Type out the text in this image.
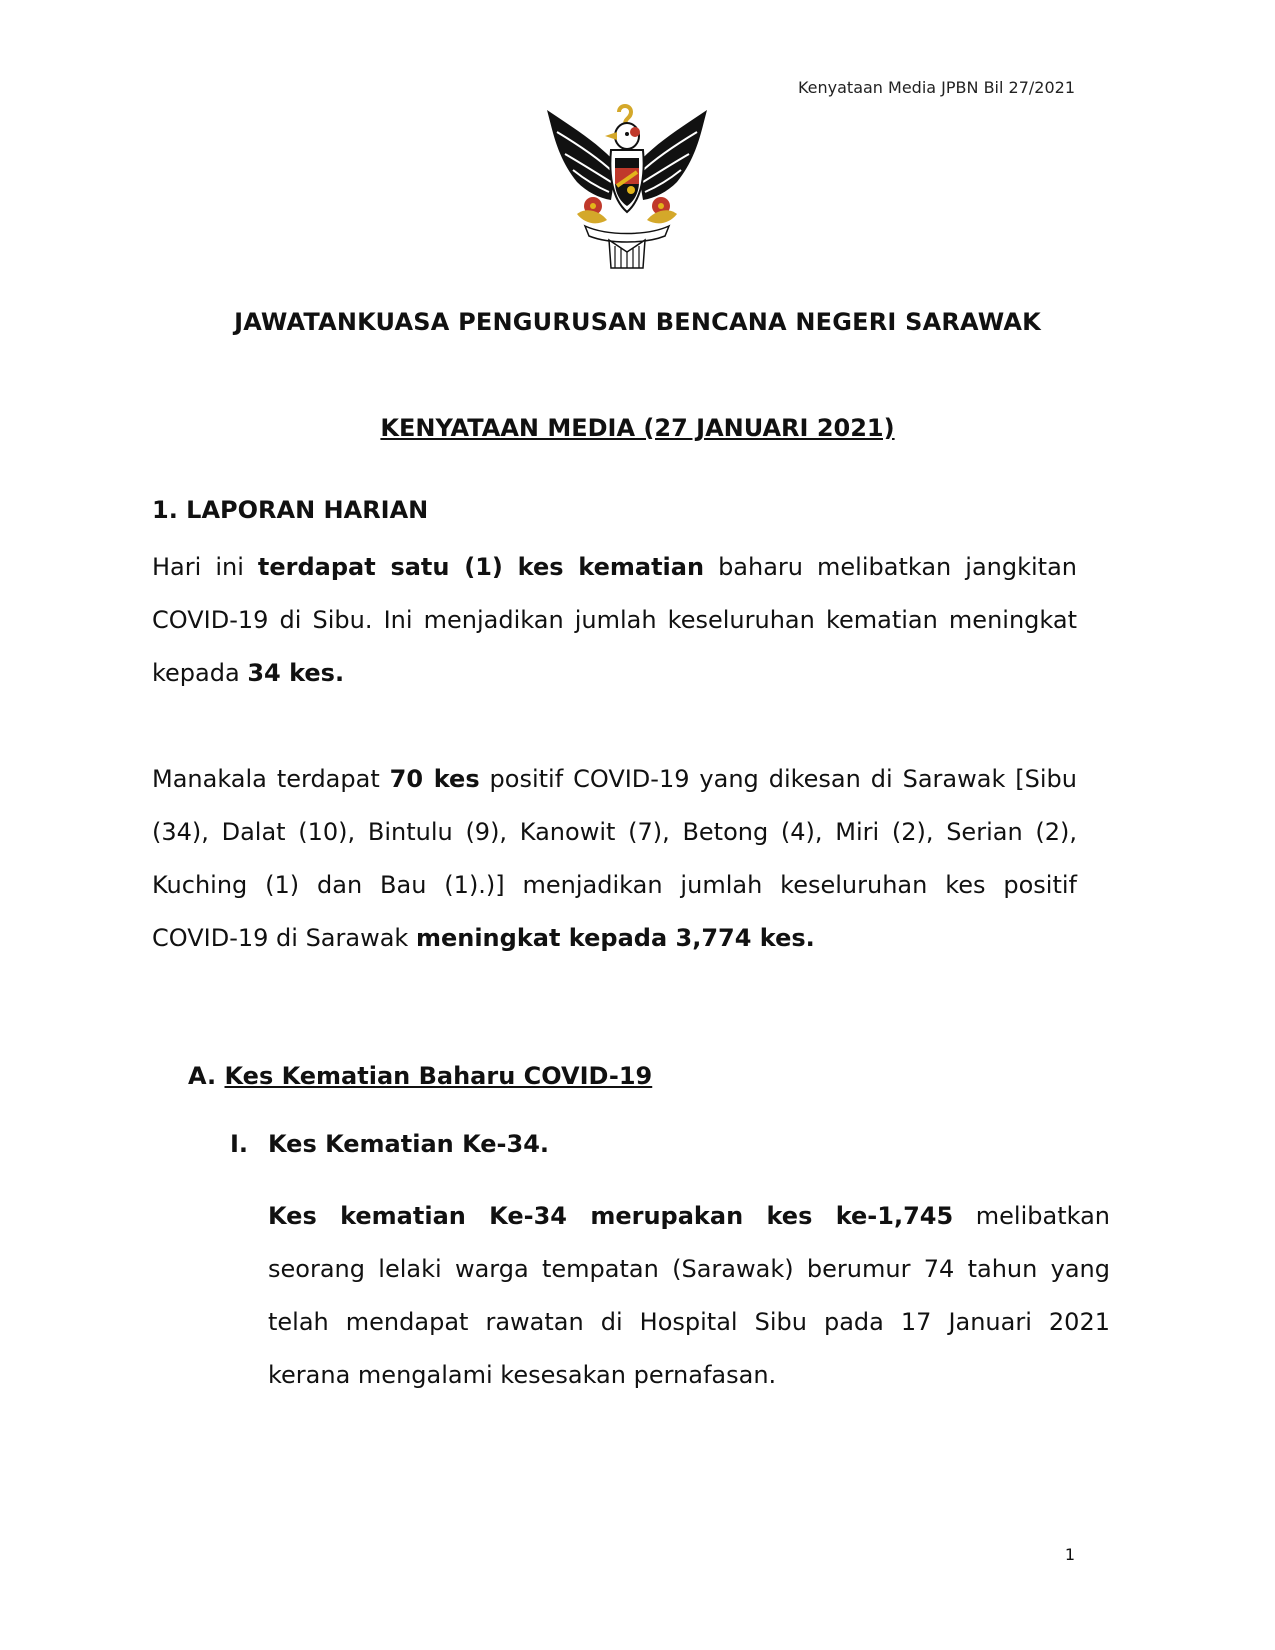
Kenyataan Media JPBN Bil 27/2021
JAWATANKUASA PENGURUSAN BENCANA NEGERI SARAWAK
KENYATAAN MEDIA (27 JANUARI 2021)
1. LAPORAN HARIAN
Hari ini terdapat satu (1) kes kematian baharu melibatkan jangkitan COVID-19 di Sibu. Ini menjadikan jumlah keseluruhan kematian meningkat kepada 34 kes.
Manakala terdapat 70 kes positif COVID-19 yang dikesan di Sarawak [Sibu (34), Dalat (10), Bintulu (9), Kanowit (7), Betong (4), Miri (2), Serian (2), Kuching (1) dan Bau (1).)] menjadikan jumlah keseluruhan kes positif COVID-19 di Sarawak meningkat kepada 3,774 kes.
A. Kes Kematian Baharu COVID-19
I. Kes Kematian Ke-34.
Kes kematian Ke-34 merupakan kes ke-1,745 melibatkan seorang lelaki warga tempatan (Sarawak) berumur 74 tahun yang telah mendapat rawatan di Hospital Sibu pada 17 Januari 2021 kerana mengalami kesesakan pernafasan.
1
